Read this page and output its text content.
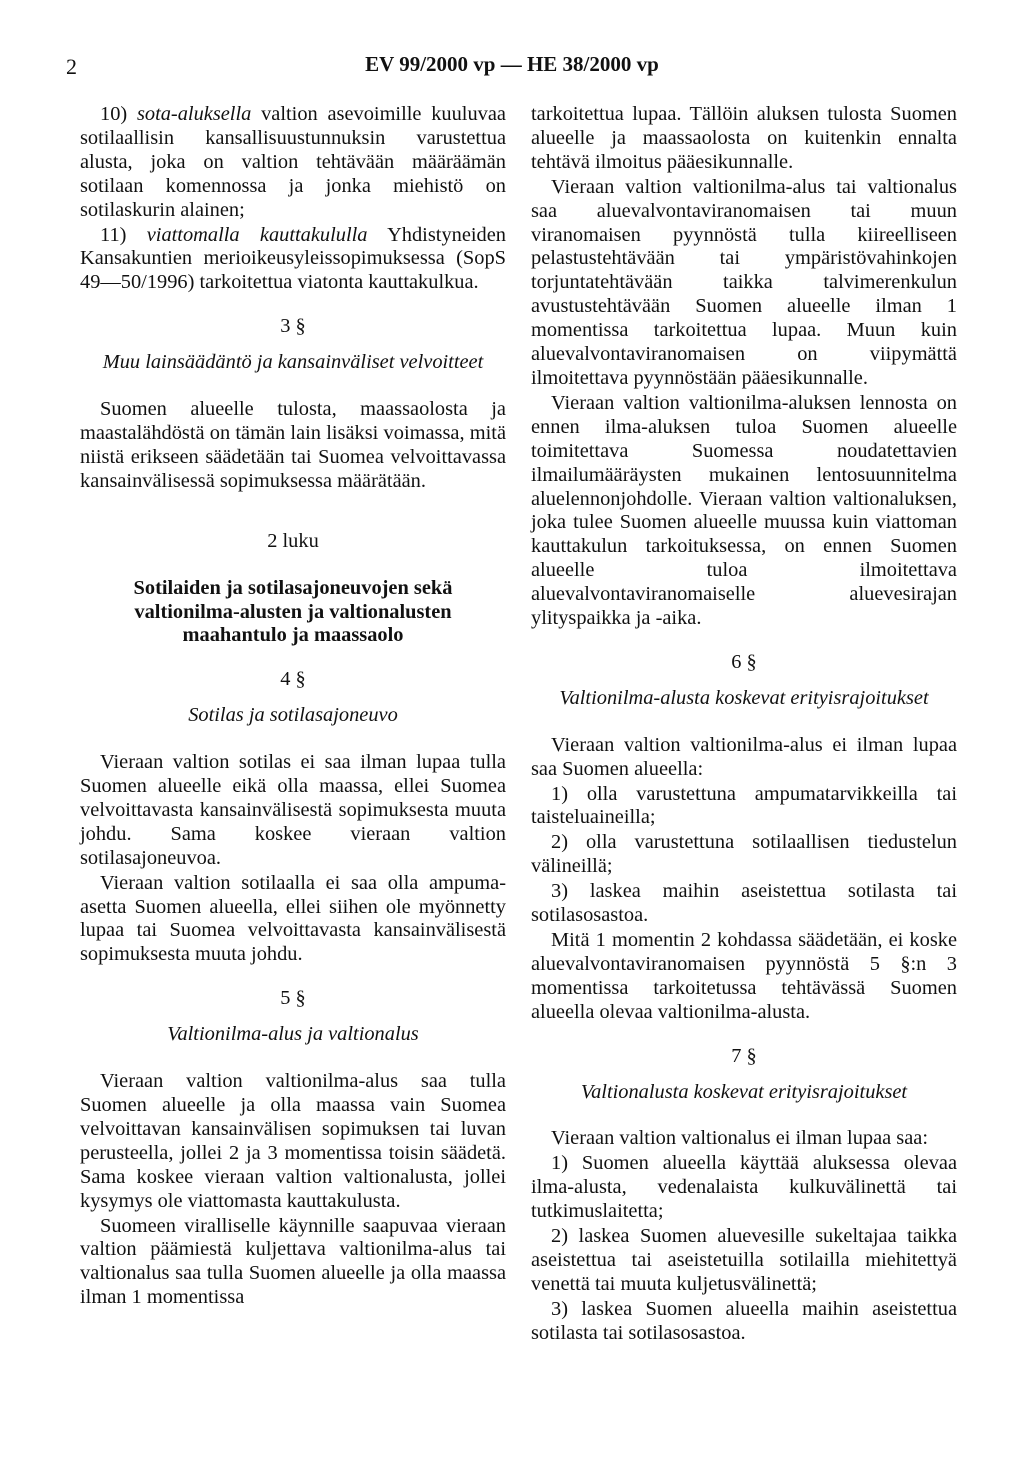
2	EV 99/2000 vp — HE 38/2000 vp

10) sota-aluksella valtion asevoimille kuuluvaa sotilaallisin kansallisuustunnuksin varustettua alusta, joka on valtion tehtävään määräämän sotilaan komennossa ja jonka miehistö on sotilaskurin alainen;

11) viattomalla kauttakululla Yhdistyneiden Kansakuntien merioikeusyleissopimuksessa (SopS 49—50/1996) tarkoitettua viatonta kauttakulkua.

3 §
Muu lainsäädäntö ja kansainväliset velvoitteet

Suomen alueelle tulosta, maassaolosta ja maastalähdöstä on tämän lain lisäksi voimassa, mitä niistä erikseen säädetään tai Suomea velvoittavassa kansainvälisessä sopimuksessa määrätään.

2 luku
Sotilaiden ja sotilasajoneuvojen sekä valtionilma-alusten ja valtionalusten maahantulo ja maassaolo
4 §
Sotilas ja sotilasajoneuvo

Vieraan valtion sotilas ei saa ilman lupaa tulla Suomen alueelle eikä olla maassa, ellei Suomea velvoittavasta kansainvälisestä sopimuksesta muuta johdu. Sama koskee vieraan valtion sotilasajoneuvoa.

Vieraan valtion sotilaalla ei saa olla ampuma-asetta Suomen alueella, ellei siihen ole myönnetty lupaa tai Suomea velvoittavasta kansainvälisestä sopimuksesta muuta johdu.

5 §
Valtionilma-alus ja valtionalus

Vieraan valtion valtionilma-alus saa tulla Suomen alueelle ja olla maassa vain Suomea velvoittavan kansainvälisen sopimuksen tai luvan perusteella, jollei 2 ja 3 momentissa toisin säädetä. Sama koskee vieraan valtion valtionalusta, jollei kysymys ole viattomasta kauttakulusta.

Suomeen viralliselle käynnille saapuvaa vieraan valtion päämiestä kuljettava valtionilma-alus tai valtionalus saa tulla Suomen alueelle ja olla maassa ilman 1 momentissa

tarkoitettua lupaa. Tällöin aluksen tulosta Suomen alueelle ja maassaolosta on kuitenkin ennalta tehtävä ilmoitus pääesikunnalle.

Vieraan valtion valtionilma-alus tai valtionalus saa aluevalvontaviranomaisen tai muun viranomaisen pyynnöstä tulla kiireelliseen pelastustehtävään tai ympäristövahinkojen torjuntatehtävään taikka talvimerenkulun avustustehtävään Suomen alueelle ilman 1 momentissa tarkoitettua lupaa. Muun kuin aluevalvontaviranomaisen on viipymättä ilmoitettava pyynnöstään pääesikunnalle.

Vieraan valtion valtionilma-aluksen lennosta on ennen ilma-aluksen tuloa Suomen alueelle toimitettava Suomessa noudatettavien ilmailumääräysten mukainen lentosuunnitelma aluelennonjohdolle. Vieraan valtion valtionaluksen, joka tulee Suomen alueelle muussa kuin viattoman kauttakulun tarkoituksessa, on ennen Suomen alueelle tuloa ilmoitettava aluevalvontaviranomaiselle aluevesirajan ylityspaikka ja -aika.

6 §
Valtionilma-alusta koskevat erityisrajoitukset

Vieraan valtion valtionilma-alus ei ilman lupaa saa Suomen alueella:

1) olla varustettuna ampumatarvikkeilla tai taisteluaineilla;

2) olla varustettuna sotilaallisen tiedustelun välineillä;

3) laskea maihin aseistettua sotilasta tai sotilasosastoa.

Mitä 1 momentin 2 kohdassa säädetään, ei koske aluevalvontaviranomaisen pyynnöstä 5 §:n 3 momentissa tarkoitetussa tehtävässä Suomen alueella olevaa valtionilma-alusta.

7 §
Valtionalusta koskevat erityisrajoitukset

Vieraan valtion valtionalus ei ilman lupaa saa:

1) Suomen alueella käyttää aluksessa olevaa ilma-alusta, vedenalaista kulkuvälinettä tai tutkimuslaitetta;

2) laskea Suomen aluevesille sukeltajaa taikka aseistettua tai aseistetuilla sotilailla miehitettyä venettä tai muuta kuljetusvälinettä;

3) laskea Suomen alueella maihin aseistettua sotilasta tai sotilasosastoa.
